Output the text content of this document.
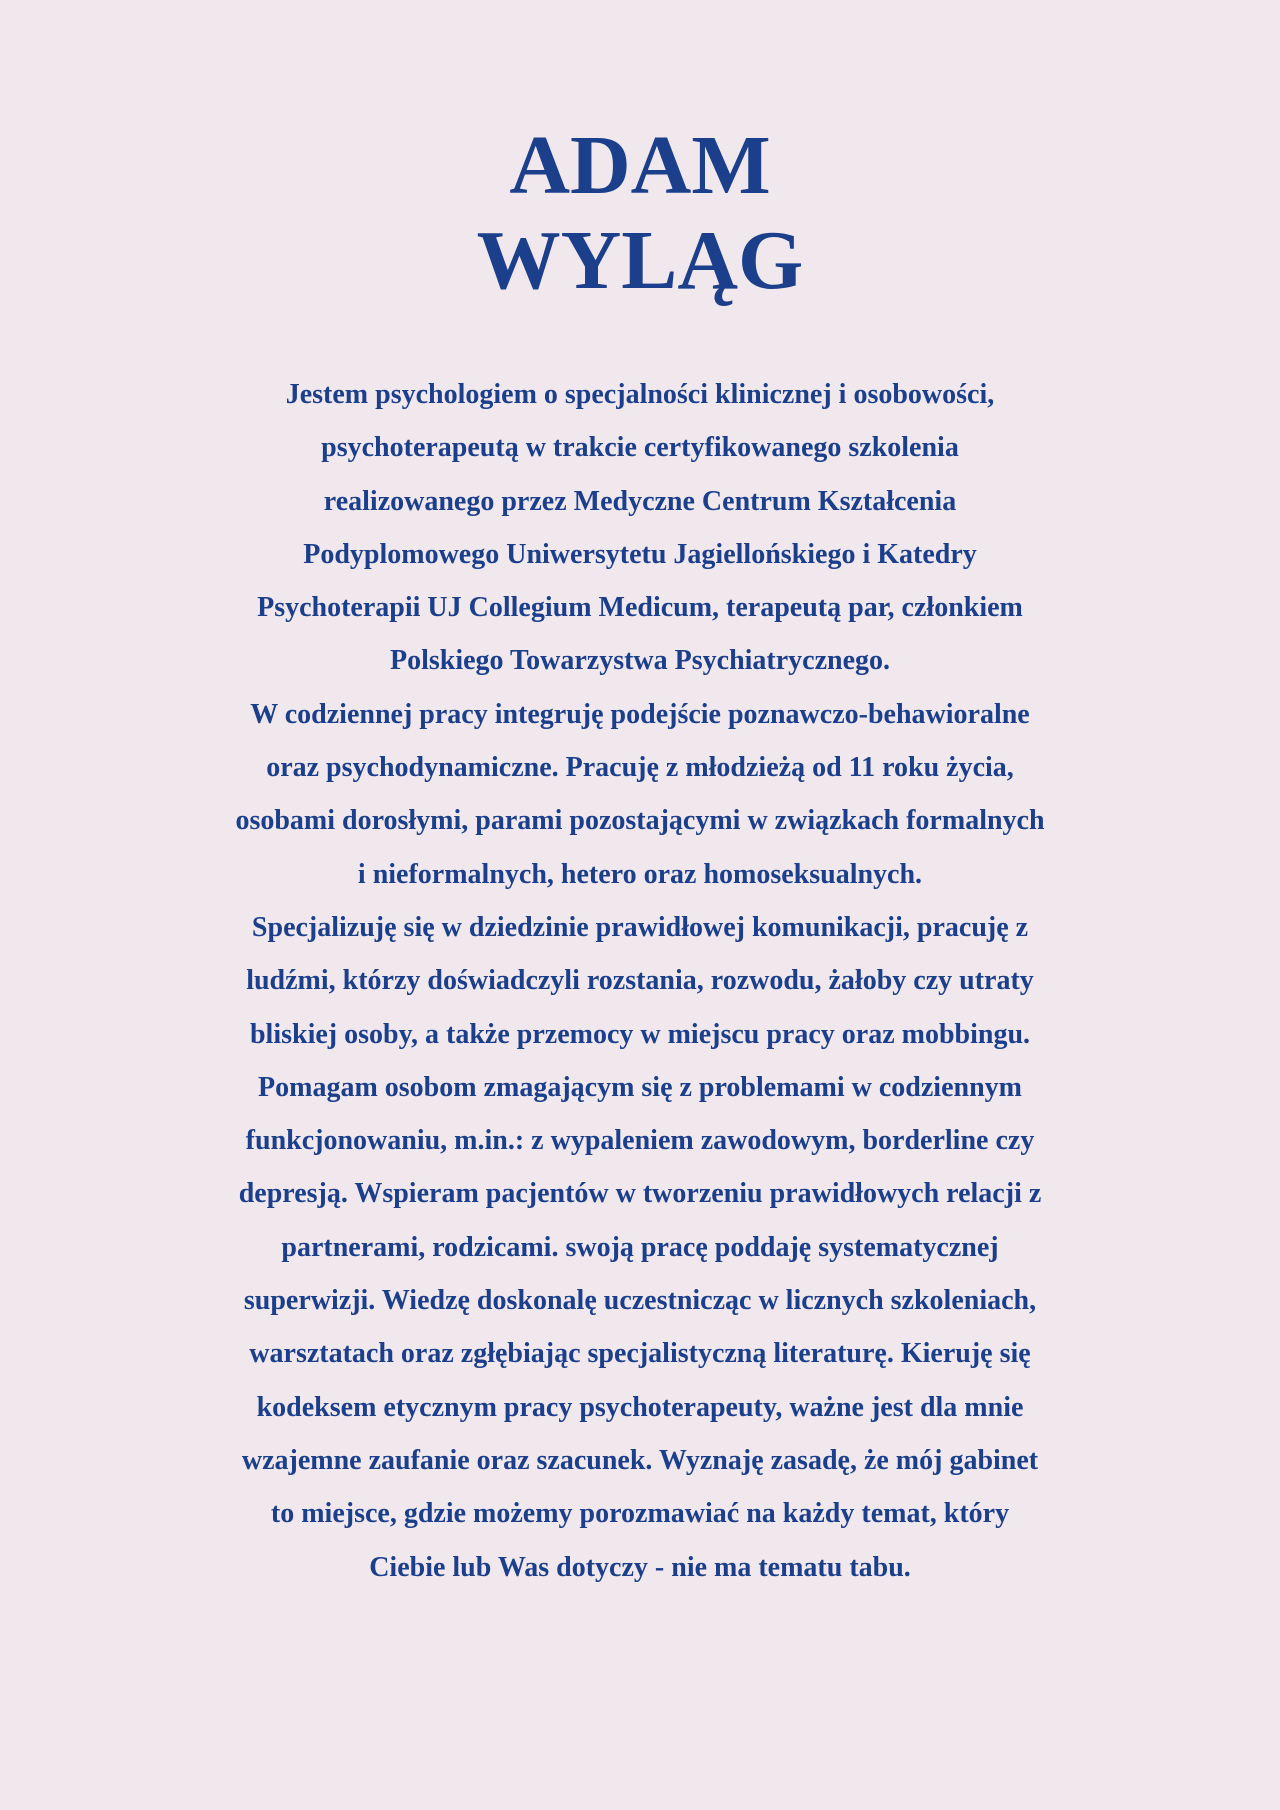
ADAM
WYLĄG
Jestem psychologiem o specjalności klinicznej i osobowości,
psychoterapeutą w trakcie certyfikowanego szkolenia
realizowanego przez Medyczne Centrum Kształcenia
Podyplomowego Uniwersytetu Jagiellońskiego i Katedry
Psychoterapii UJ Collegium Medicum, terapeutą par, członkiem
Polskiego Towarzystwa Psychiatrycznego.
W codziennej pracy integruję podejście poznawczo-behawioralne
oraz psychodynamiczne. Pracuję z młodzieżą od 11 roku życia,
osobami dorosłymi, parami pozostającymi w związkach formalnych
i nieformalnych, hetero oraz homoseksualnych.
Specjalizuję się w dziedzinie prawidłowej komunikacji, pracuję z
ludźmi, którzy doświadczyli rozstania, rozwodu, żałoby czy utraty
bliskiej osoby, a także przemocy w miejscu pracy oraz mobbingu.
Pomagam osobom zmagającym się z problemami w codziennym
funkcjonowaniu, m.in.: z wypaleniem zawodowym, borderline czy
depresją. Wspieram pacjentów w tworzeniu prawidłowych relacji z
partnerami, rodzicami. swoją pracę poddaję systematycznej
superwizji. Wiedzę doskonalę uczestnicząc w licznych szkoleniach,
warsztatach oraz zgłębiając specjalistyczną literaturę. Kieruję się
kodeksem etycznym pracy psychoterapeuty, ważne jest dla mnie
wzajemne zaufanie oraz szacunek. Wyznaję zasadę, że mój gabinet
to miejsce, gdzie możemy porozmawiać na każdy temat, który
Ciebie lub Was dotyczy - nie ma tematu tabu.
